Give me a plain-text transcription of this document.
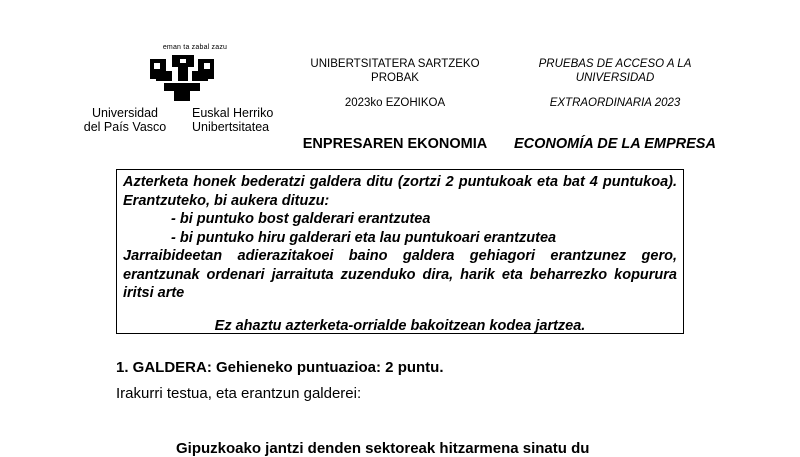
eman ta zabal zazu
Universidad
del País Vasco
Euskal Herriko
Unibertsitatea
UNIBERTSITATERA SARTZEKO
PROBAK
2023ko EZOHIKOA
PRUEBAS DE ACCESO A LA
UNIVERSIDAD
EXTRAORDINARIA 2023
ENPRESAREN EKONOMIA	ECONOMÍA DE LA EMPRESA

Azterketa honek bederatzi galdera ditu (zortzi 2 puntukoak eta bat 4 puntukoa). Erantzuteko, bi aukera dituzu:

- bi puntuko bost galderari erantzutea

- bi puntuko hiru galderari eta lau puntukoari erantzutea

Jarraibideetan adierazitakoei baino galdera gehiagori erantzunez gero, erantzunak ordenari jarraituta zuzenduko dira, harik eta beharrezko kopurura iritsi arte

Ez ahaztu azterketa-orrialde bakoitzean kodea jartzea.

1. GALDERA: Gehieneko puntuazioa: 2 puntu.
Irakurri testua, eta erantzun galderei:
Gipuzkoako jantzi denden sektoreak hitzarmena sinatu du
